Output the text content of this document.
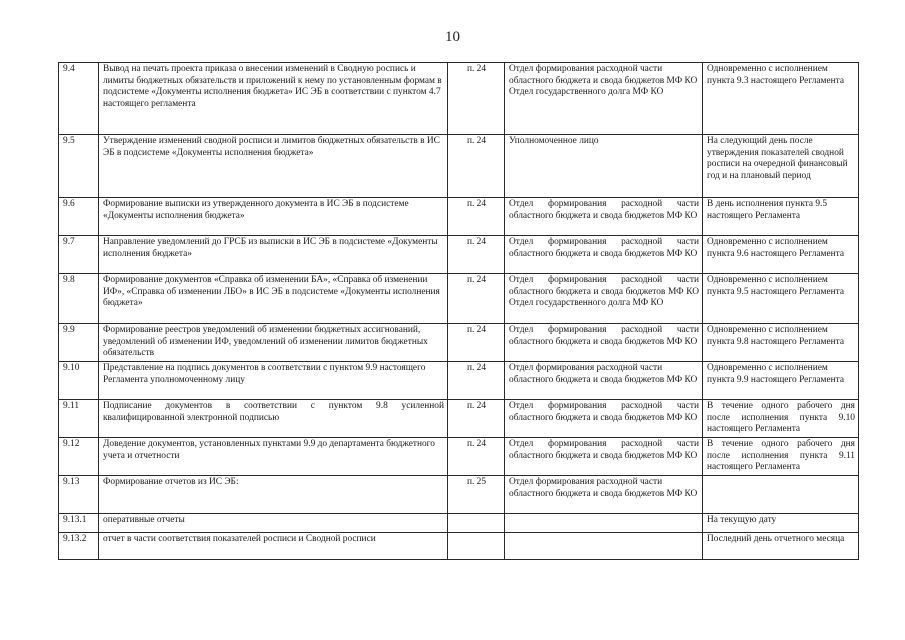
10
9.4	Вывод на печать проекта приказа о внесении изменений в Сводную роспись и лимиты бюджетных обязательств и приложений к нему по установленным формам в подсистеме «Документы исполнения бюджета» ИС ЭБ в соответствии с пунктом 4.7 настоящего регламента	п. 24	Отдел формирования расходной части областного бюджета и свода бюджетов МФ КО Отдел государственного долга МФ КО	Одновременно с исполнением пункта 9.3 настоящего Регламента
9.5	Утверждение изменений сводной росписи и лимитов бюджетных обязательств в ИС ЭБ в подсистеме «Документы исполнения бюджета»	п. 24	Уполномоченное лицо	На следующий день после утверждения показателей сводной росписи на очередной финансовый год и на плановый период
9.6	Формирование выписки из утвержденного документа в ИС ЭБ в подсистеме «Документы исполнения бюджета»	п. 24	Отдел формирования расходной части областного бюджета и свода бюджетов МФ КО	В день исполнения пункта 9.5 настоящего Регламента
9.7	Направление уведомлений до ГРСБ из выписки в ИС ЭБ в подсистеме «Документы исполнения бюджета»	п. 24	Отдел формирования расходной части областного бюджета и свода бюджетов МФ КО	Одновременно с исполнением пункта 9.6 настоящего Регламента
9.8	Формирование документов «Справка об изменении БА», «Справка об изменении ИФ», «Справка об изменении ЛБО» в ИС ЭБ в подсистеме «Документы исполнения бюджета»	п. 24	Отдел формирования расходной части областного бюджета и свода бюджетов МФ КО Отдел государственного долга МФ КО	Одновременно с исполнением пункта 9.5 настоящего Регламента
9.9	Формирование реестров уведомлений об изменении бюджетных ассигнований, уведомлений об изменении ИФ, уведомлений об изменении лимитов бюджетных обязательств	п. 24	Отдел формирования расходной части областного бюджета и свода бюджетов МФ КО	Одновременно с исполнением пункта 9.8 настоящего Регламента
9.10	Представление на подпись документов в соответствии с пунктом 9.9 настоящего Регламента уполномоченному лицу	п. 24	Отдел формирования расходной части областного бюджета и свода бюджетов МФ КО	Одновременно с исполнением пункта 9.9 настоящего Регламента
9.11	Подписание документов в соответствии с пунктом 9.8 усиленной квалифицированной электронной подписью	п. 24	Отдел формирования расходной части областного бюджета и свода бюджетов МФ КО	В течение одного рабочего дня после исполнения пункта 9.10 настоящего Регламента
9.12	Доведение документов, установленных пунктами 9.9 до департамента бюджетного учета и отчетности	п. 24	Отдел формирования расходной части областного бюджета и свода бюджетов МФ КО	В течение одного рабочего дня после исполнения пункта 9.11 настоящего Регламента
9.13	Формирование отчетов из ИС ЭБ:	п. 25	Отдел формирования расходной части областного бюджета и свода бюджетов МФ КО	
9.13.1	оперативные отчеты			На текущую дату
9.13.2	отчет в части соответствия показателей росписи и Сводной росписи			Последний день отчетного месяца
